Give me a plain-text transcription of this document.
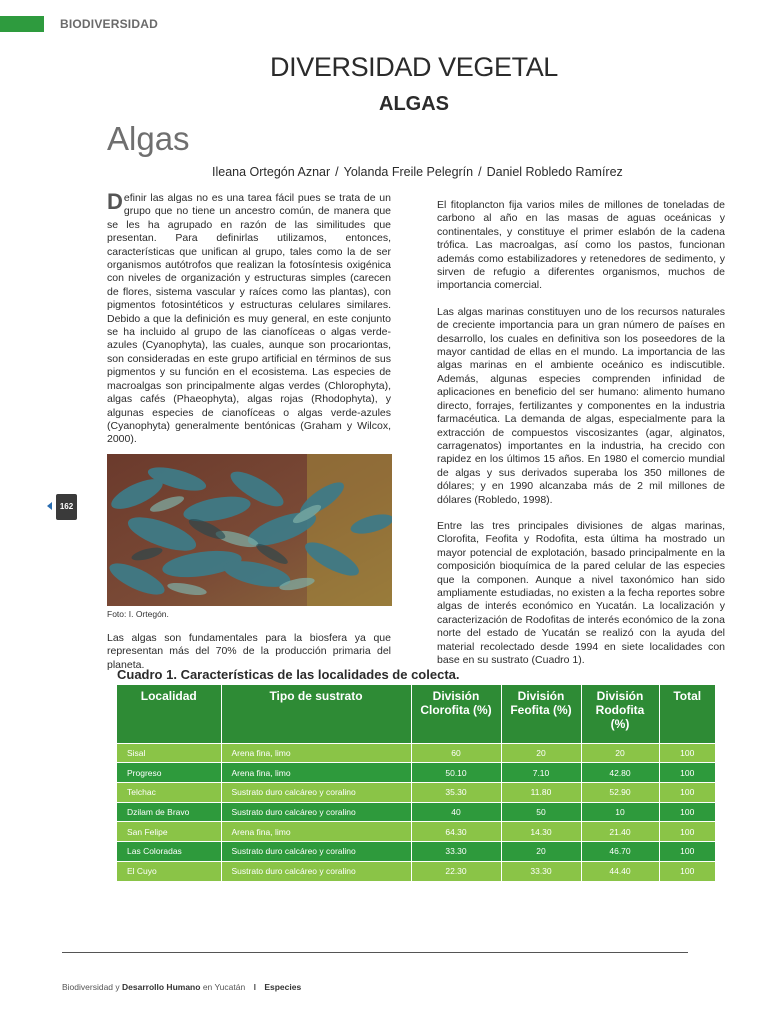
BIODIVERSIDAD
DIVERSIDAD VEGETAL
ALGAS
Algas
Ileana Ortegón Aznar / Yolanda Freile Pelegrín / Daniel Robledo Ramírez

Definir las algas no es una tarea fácil pues se trata de un grupo que no tiene un ancestro común, de manera que se les ha agrupado en razón de las similitudes que presentan. Para definirlas utilizamos, entonces, características que unifican al grupo, tales como la de ser organismos autótrofos que realizan la fotosíntesis oxigénica con niveles de organización y estructuras simples (carecen de flores, sistema vascular y raíces como las plantas), con pigmentos fotosintéticos y estructuras celulares similares. Debido a que la definición es muy general, en este conjunto se ha incluido al grupo de las cianofíceas o algas verde-azules (Cyanophyta), las cuales, aunque son procariontas, son consideradas en este grupo artificial en términos de sus pigmentos y su función en el ecosistema. Las especies de macroalgas son principalmente algas verdes (Chlorophyta), algas cafés (Phaeophyta), algas rojas (Rhodophyta), y algunas especies de cianofíceas o algas verde-azules (Cyanophyta) generalmente bentónicas (Graham y Wilcox, 2000).

Foto: I. Ortegón.
Las algas son fundamentales para la biosfera ya que representan más del 70% de la producción primaria del planeta.
162

El fitoplancton fija varios miles de millones de toneladas de carbono al año en las masas de aguas oceánicas y continentales, y constituye el primer eslabón de la cadena trófica. Las macroalgas, así como los pastos, funcionan además como estabilizadores y retenedores de sedimento, y sirven de refugio a diferentes organismos, muchos de importancia comercial.

Las algas marinas constituyen uno de los recursos naturales de creciente importancia para un gran número de países en desarrollo, los cuales en definitiva son los poseedores de la mayor cantidad de ellas en el mundo. La importancia de las algas marinas en el ambiente oceánico es indiscutible. Además, algunas especies comprenden infinidad de aplicaciones en beneficio del ser humano: alimento humano directo, forrajes, fertilizantes y componentes en la industria farmacéutica. La demanda de algas, especialmente para la extracción de compuestos viscosizantes (agar, alginatos, carragenatos) importantes en la industria, ha crecido con rapidez en los últimos 15 años. En 1980 el comercio mundial de algas y sus derivados superaba los 350 millones de dólares; y en 1990 alcanzaba más de 2 mil millones de dólares (Robledo, 1998).

Entre las tres principales divisiones de algas marinas, Clorofita, Feofita y Rodofita, esta última ha mostrado un mayor potencial de explotación, basado principalmente en la composición bioquímica de la pared celular de las especies que la componen. Aunque a nivel taxonómico han sido ampliamente estudiadas, no existen a la fecha reportes sobre algas de interés económico en Yucatán. La localización y caracterización de Rodofitas de interés económico de la zona norte del estado de Yucatán se realizó con la ayuda del material recolectado desde 1994 en siete localidades con base en su sustrato (Cuadro 1).

Cuadro 1. Características de las localidades de colecta.
Localidad	Tipo de sustrato	División Clorofita (%)	División Feofita (%)	División Rodofita (%)	Total
Sisal	Arena fina, limo	60	20	20	100
Progreso	Arena fina, limo	50.10	7.10	42.80	100
Telchac	Sustrato duro calcáreo y coralino	35.30	11.80	52.90	100
Dzilam de Bravo	Sustrato duro calcáreo y coralino	40	50	10	100
San Felipe	Arena fina, limo	64.30	14.30	21.40	100
Las Coloradas	Sustrato duro calcáreo y coralino	33.30	20	46.70	100
El Cuyo	Sustrato duro calcáreo y coralino	22.30	33.30	44.40	100
Biodiversidad y Desarrollo Humano en Yucatán I Especies
